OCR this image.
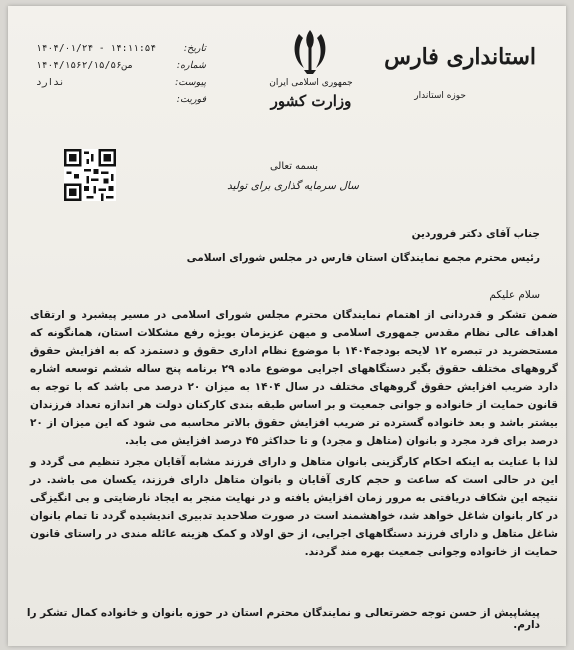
تاریخ:
۱۴۰۴/۰۱/۲۴ - ۱۴:۱۱:۵۴
شماره:
من۱۴۰۴/۱۵۶۲/۱۵/۵۶
پیوست:
ندارد
فوریت:
جمهوری اسلامی ایران
وزارت کشور
استانداری فارس
حوزه استاندار
بسمه تعالی
سال سرمایه گذاری برای تولید
جناب آقای دکتر فروردین
رئیس محترم مجمع نمایندگان استان فارس در مجلس شورای اسلامی
سلام علیکم
ضمن تشکر و قدردانی از اهتمام نمایندگان محترم مجلس شورای اسلامی در مسیر پیشبرد و ارتقای اهداف عالی نظام مقدس جمهوری اسلامی و میهن عزیزمان بویژه رفع مشکلات استان، همانگونه که مستحضرید در تبصره ۱۲ لایحه بودجه۱۴۰۴ با موضوع نظام اداری حقوق و دستمزد که به افزایش حقوق گروههای مختلف حقوق بگیر دستگاههای اجرایی موضوع ماده ۲۹ برنامه پنج ساله ششم توسعه اشاره دارد ضریب افزایش حقوق گروههای مختلف در سال ۱۴۰۴ به میزان ۲۰ درصد می باشد که با توجه به قانون حمایت از خانواده و جوانی جمعیت و بر اساس طبقه بندی کارکنان دولت هر اندازه تعداد فرزندان بیشتر باشد و بعد خانواده گسترده تر ضریب افزایش حقوق بالاتر محاسبه می شود که این میزان از ۲۰ درصد برای فرد مجرد و بانوان (متاهل و مجرد) و تا حداکثر ۴۵ درصد افزایش می یابد.
لذا با عنایت به اینکه احکام کارگزینی بانوان متاهل و دارای فرزند مشابه آقایان مجرد تنظیم می گردد و این در حالی است که ساعت و حجم کاری آقایان و بانوان متاهل دارای فرزند، یکسان می باشد. در نتیجه این شکاف دریافتی به مرور زمان افزایش یافته و در نهایت منجر به ایجاد نارضایتی و بی انگیزگی در کار بانوان شاغل خواهد شد، خواهشمند است در صورت صلاحدید تدبیری اندیشیده گردد تا تمام بانوان شاغل متاهل و دارای فرزند دستگاههای اجرایی، از حق اولاد و کمک هزینه عائله مندی در راستای قانون حمایت از خانواده وجوانی جمعیت بهره مند گردند.
پیشاپیش از حسن توجه حضرتعالی و نمایندگان محترم استان در حوزه بانوان و خانواده کمال تشکر را دارم.
